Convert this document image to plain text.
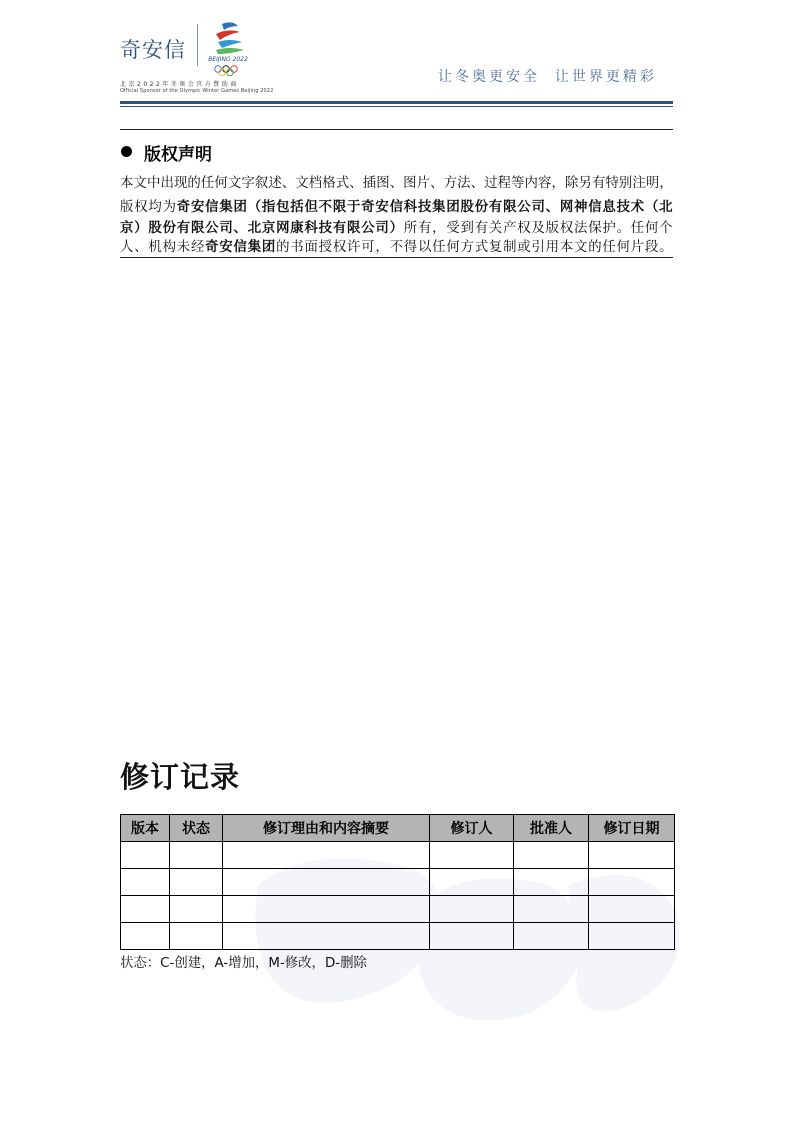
奇安信	BEIJING 2022
北京2022年冬奥会官方赞助商
Official Sponsor of the Olympic Winter Games Beijing 2022
让冬奥更安全  让世界更精彩
版权声明
本 文 中 出 现 的 任 何 文 字 叙 述 、 文 档 格 式 、 插 图 、 图 片 、 方 法 、 过 程 等 内 容 ， 除 另 有 特 别 注 明 ，
版 权 均 为 奇 安 信 集 团 （ 指 包 括 但 不 限 于 奇 安 信 科 技 集 团 股 份 有 限 公 司 、 网 神 信 息 技 术 （ 北
京 ） 股 份 有 限 公 司 、 北 京 网 康 科 技 有 限 公 司 ） 所 有 ， 受 到 有 关 产 权 及 版 权 法 保 护 。 任 何 个
人 、 机 构 未 经 奇 安 信 集 团 的 书 面 授 权 许 可 ， 不 得 以 任 何 方 式 复 制 或 引 用 本 文 的 任 何 片 段 。
修订记录
版本	状态	修订理由和内容摘要	修订人	批准人	修订日期

状态：C-创建，A-增加，M-修改，D-删除
